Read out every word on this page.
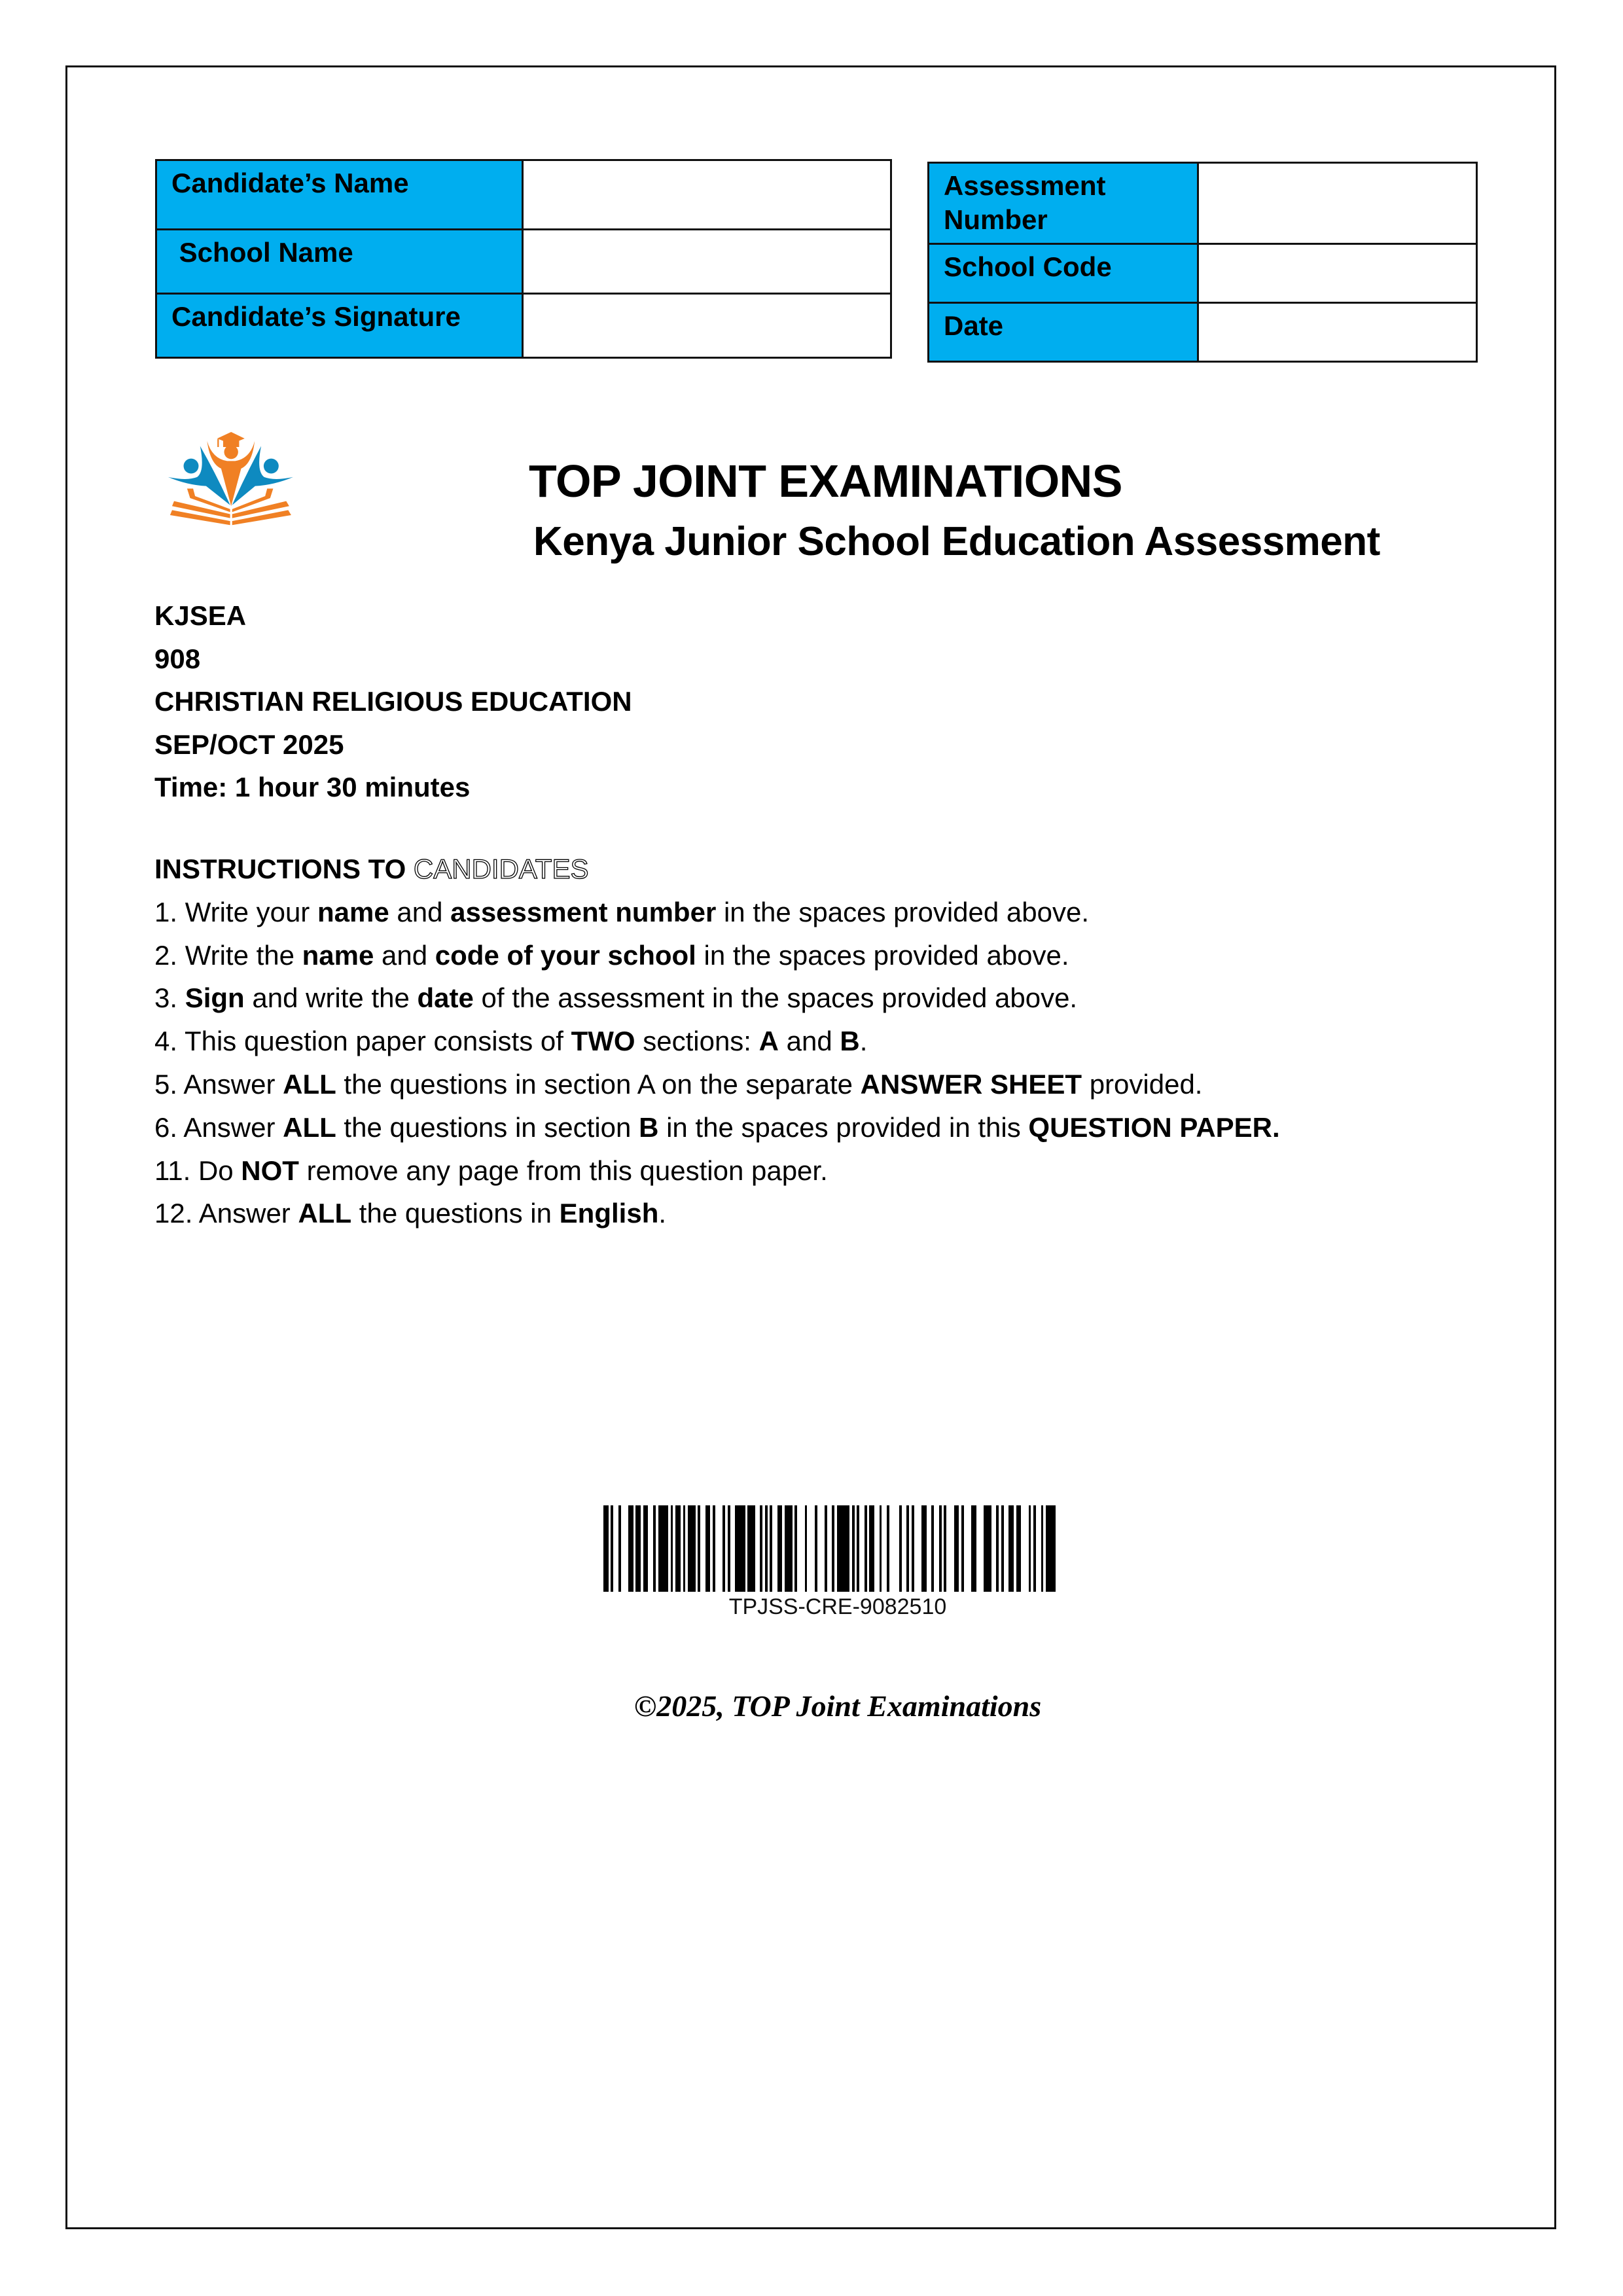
Candidate’s Name	
School Name	
Candidate’s Signature	
Assessment Number	
School Code	
Date	
TOP JOINT EXAMINATIONS
Kenya Junior School Education Assessment
KJSEA
908
CHRISTIAN RELIGIOUS EDUCATION
SEP/OCT 2025
Time: 1 hour 30 minutes
INSTRUCTIONS TO CANDIDATES
1. Write your name and assessment number in the spaces provided above.
2. Write the name and code of your school in the spaces provided above.
3. Sign and write the date of the assessment in the spaces provided above.
4. This question paper consists of TWO sections: A and B.
5. Answer ALL the questions in section A on the separate ANSWER SHEET provided.
6. Answer ALL the questions in section B in the spaces provided in this QUESTION PAPER.
11. Do NOT remove any page from this question paper.
12. Answer ALL the questions in English.
TPJSS-CRE-9082510
©2025, TOP Joint Examinations
